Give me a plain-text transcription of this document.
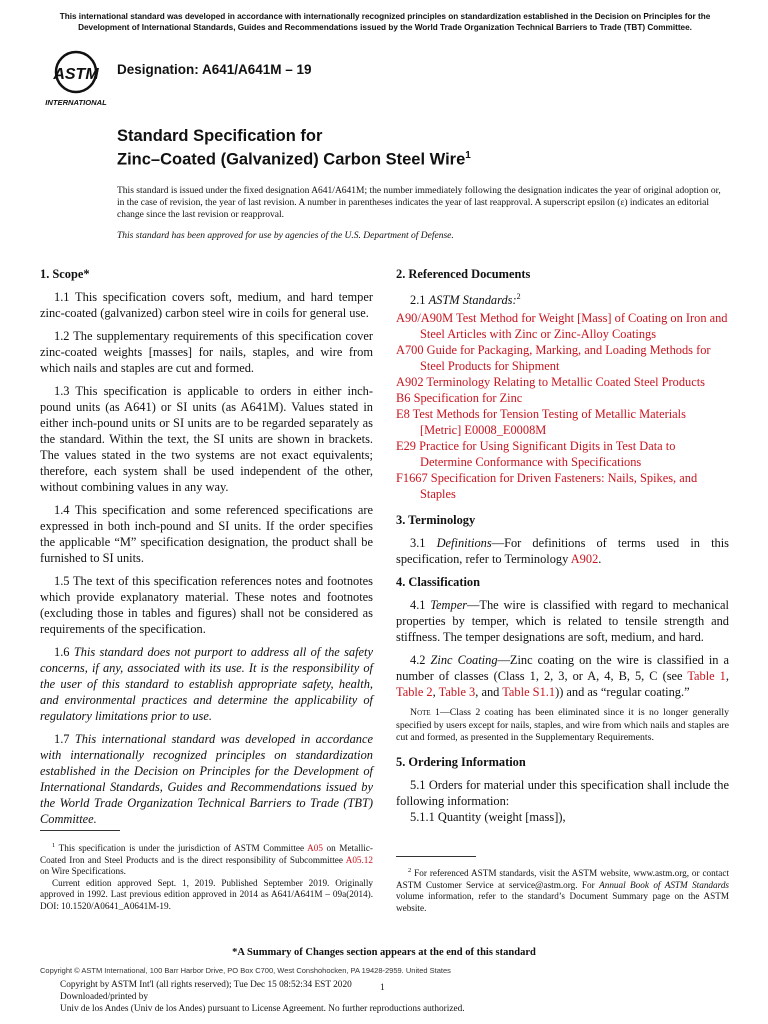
This international standard was developed in accordance with internationally recognized principles on standardization established in the Decision on Principles for the Development of International Standards, Guides and Recommendations issued by the World Trade Organization Technical Barriers to Trade (TBT) Committee.
ASTM
INTERNATIONAL
Designation: A641/A641M – 19
Standard Specification for
Zinc–Coated (Galvanized) Carbon Steel Wire$^1$
This standard is issued under the fixed designation A641/A641M; the number immediately following the designation indicates the year of original adoption or, in the case of revision, the year of last revision. A number in parentheses indicates the year of last reapproval. A superscript epsilon (ε) indicates an editorial change since the last revision or reapproval.
This standard has been approved for use by agencies of the U.S. Department of Defense.
1. Scope*

1.1 This specification covers soft, medium, and hard temper zinc-coated (galvanized) carbon steel wire in coils for general use.

1.2 The supplementary requirements of this specification cover zinc-coated weights [masses] for nails, staples, and wire from which nails and staples are cut and formed.

1.3 This specification is applicable to orders in either inch-pound units (as A641) or SI units (as A641M). Values stated in either inch-pound units or SI units are to be regarded separately as the standard. Within the text, the SI units are shown in brackets. The values stated in the two systems are not exact equivalents; therefore, each system shall be used independent of the other, without combining values in any way.

1.4 This specification and some referenced specifications are expressed in both inch-pound and SI units. If the order specifies the applicable “M” specification designation, the product shall be furnished to SI units.

1.5 The text of this specification references notes and footnotes which provide explanatory material. These notes and footnotes (excluding those in tables and figures) shall not be considered as requirements of the specification.

1.6 This standard does not purport to address all of the safety concerns, if any, associated with its use. It is the responsibility of the user of this standard to establish appropriate safety, health, and environmental practices and determine the applicability of regulatory limitations prior to use.

1.7 This international standard was developed in accordance with internationally recognized principles on standardization established in the Decision on Principles for the Development of International Standards, Guides and Recommendations issued by the World Trade Organization Technical Barriers to Trade (TBT) Committee.

2. Referenced Documents

2.1 ASTM Standards:$^2$

A90/A90M Test Method for Weight [Mass] of Coating on Iron and Steel Articles with Zinc or Zinc-Alloy Coatings
A700 Guide for Packaging, Marking, and Loading Methods for Steel Products for Shipment
A902 Terminology Relating to Metallic Coated Steel Products
B6 Specification for Zinc
E8 Test Methods for Tension Testing of Metallic Materials [Metric] E0008_E0008M
E29 Practice for Using Significant Digits in Test Data to Determine Conformance with Specifications
F1667 Specification for Driven Fasteners: Nails, Spikes, and Staples
3. Terminology

3.1 Definitions—For definitions of terms used in this specification, refer to Terminology A902.

4. Classification

4.1 Temper—The wire is classified with regard to mechanical properties by temper, which is related to tensile strength and stiffness. The temper designations are soft, medium, and hard.

4.2 Zinc Coating—Zinc coating on the wire is classified in a number of classes (Class 1, 2, 3, or A, 4, B, 5, C (see Table 1, Table 2, Table 3, and Table S1.1)) and as “regular coating.”

Note 1—Class 2 coating has been eliminated since it is no longer generally specified by users except for nails, staples, and wire from which nails and staples are cut and formed, as presented in the Supplementary Requirements.
5. Ordering Information

5.1 Orders for material under this specification shall include the following information:

5.1.1 Quantity (weight [mass]),

$^1$ This specification is under the jurisdiction of ASTM Committee A05 on Metallic-Coated Iron and Steel Products and is the direct responsibility of Subcommittee A05.12 on Wire Specifications.

Current edition approved Sept. 1, 2019. Published September 2019. Originally approved in 1992. Last previous edition approved in 2014 as A641/A641M – 09a(2014). DOI: 10.1520/A0641_A0641M-19.

$^2$ For referenced ASTM standards, visit the ASTM website, www.astm.org, or contact ASTM Customer Service at service@astm.org. For Annual Book of ASTM Standards volume information, refer to the standard’s Document Summary page on the ASTM website.

*A Summary of Changes section appears at the end of this standard
Copyright © ASTM International, 100 Barr Harbor Drive, PO Box C700, West Conshohocken, PA 19428-2959. United States
Copyright by ASTM Int'l (all rights reserved); Tue Dec 15 08:52:34 EST 2020
Downloaded/printed by
Univ de los Andes (Univ de los Andes) pursuant to License Agreement. No further reproductions authorized.
1
